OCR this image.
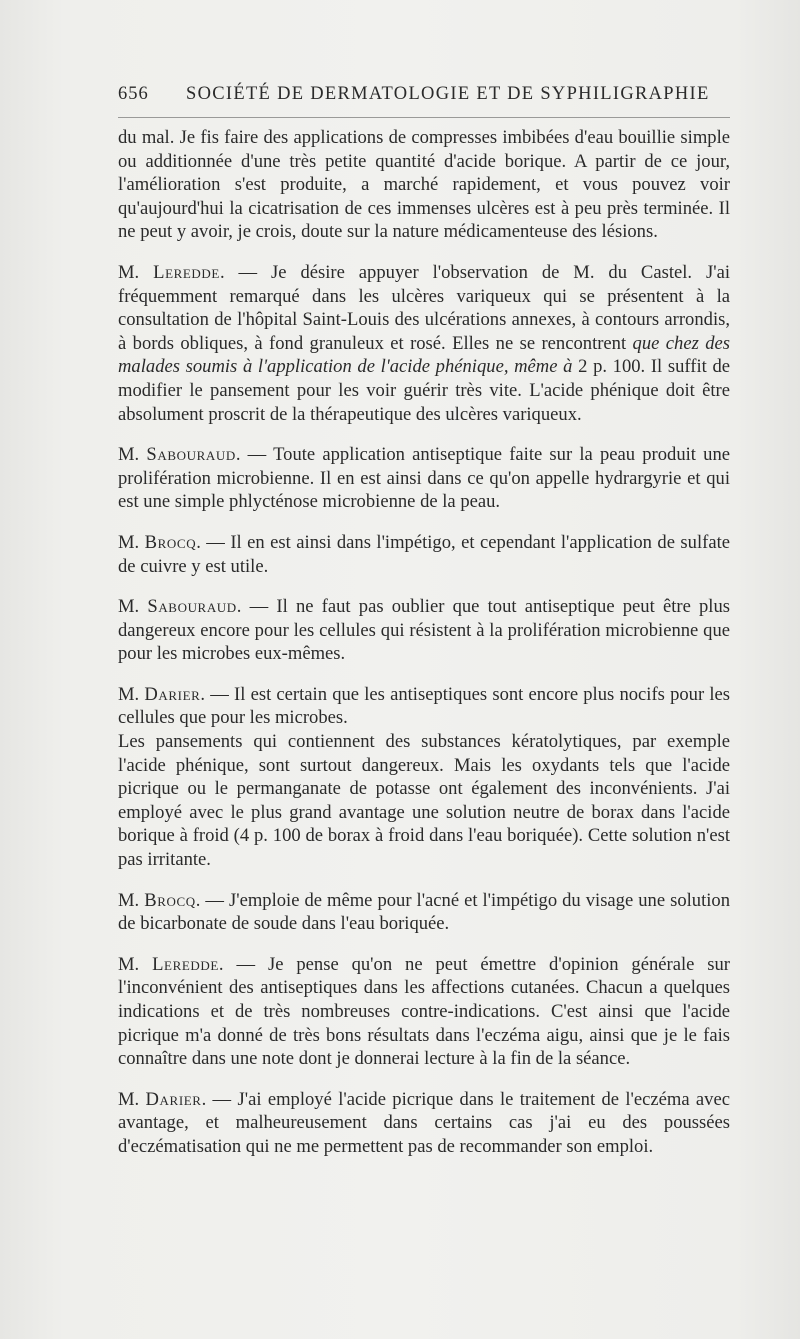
656 SOCIÉTÉ DE DERMATOLOGIE ET DE SYPHILIGRAPHIE

du mal. Je fis faire des applications de compresses imbibées d'eau bouillie simple ou additionnée d'une très petite quantité d'acide borique. A partir de ce jour, l'amélioration s'est produite, a marché rapidement, et vous pouvez voir qu'aujourd'hui la cicatrisation de ces immenses ulcères est à peu près terminée. Il ne peut y avoir, je crois, doute sur la nature médicamenteuse des lésions.

M. Leredde. — Je désire appuyer l'observation de M. du Castel. J'ai fréquemment remarqué dans les ulcères variqueux qui se présentent à la consultation de l'hôpital Saint-Louis des ulcérations annexes, à contours arrondis, à bords obliques, à fond granuleux et rosé. Elles ne se rencontrent que chez des malades soumis à l'application de l'acide phénique, même à 2 p. 100. Il suffit de modifier le pansement pour les voir guérir très vite. L'acide phénique doit être absolument proscrit de la thérapeutique des ulcères variqueux.

M. Sabouraud. — Toute application antiseptique faite sur la peau produit une prolifération microbienne. Il en est ainsi dans ce qu'on appelle hydrargyrie et qui est une simple phlycténose microbienne de la peau.

M. Brocq. — Il en est ainsi dans l'impétigo, et cependant l'application de sulfate de cuivre y est utile.

M. Sabouraud. — Il ne faut pas oublier que tout antiseptique peut être plus dangereux encore pour les cellules qui résistent à la prolifération microbienne que pour les microbes eux-mêmes.

M. Darier. — Il est certain que les antiseptiques sont encore plus nocifs pour les cellules que pour les microbes.

Les pansements qui contiennent des substances kératolytiques, par exemple l'acide phénique, sont surtout dangereux. Mais les oxydants tels que l'acide picrique ou le permanganate de potasse ont également des inconvénients. J'ai employé avec le plus grand avantage une solution neutre de borax dans l'acide borique à froid (4 p. 100 de borax à froid dans l'eau boriquée). Cette solution n'est pas irritante.

M. Brocq. — J'emploie de même pour l'acné et l'impétigo du visage une solution de bicarbonate de soude dans l'eau boriquée.

M. Leredde. — Je pense qu'on ne peut émettre d'opinion générale sur l'inconvénient des antiseptiques dans les affections cutanées. Chacun a quelques indications et de très nombreuses contre-indications. C'est ainsi que l'acide picrique m'a donné de très bons résultats dans l'eczéma aigu, ainsi que je le fais connaître dans une note dont je donnerai lecture à la fin de la séance.

M. Darier. — J'ai employé l'acide picrique dans le traitement de l'eczéma avec avantage, et malheureusement dans certains cas j'ai eu des poussées d'eczématisation qui ne me permettent pas de recommander son emploi.
